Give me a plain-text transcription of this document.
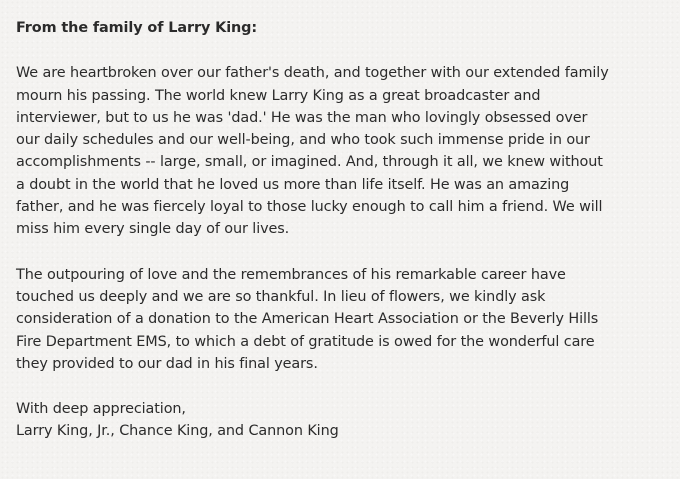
From the family of Larry King:
We are heartbroken over our father's death, and together with our extended family
mourn his passing. The world knew Larry King as a great broadcaster and
interviewer, but to us he was 'dad.' He was the man who lovingly obsessed over
our daily schedules and our well-being, and who took such immense pride in our
accomplishments -- large, small, or imagined. And, through it all, we knew without
a doubt in the world that he loved us more than life itself. He was an amazing
father, and he was fiercely loyal to those lucky enough to call him a friend. We will
miss him every single day of our lives.
The outpouring of love and the remembrances of his remarkable career have
touched us deeply and we are so thankful. In lieu of flowers, we kindly ask
consideration of a donation to the American Heart Association or the Beverly Hills
Fire Department EMS, to which a debt of gratitude is owed for the wonderful care
they provided to our dad in his final years.
With deep appreciation,
Larry King, Jr., Chance King, and Cannon King
